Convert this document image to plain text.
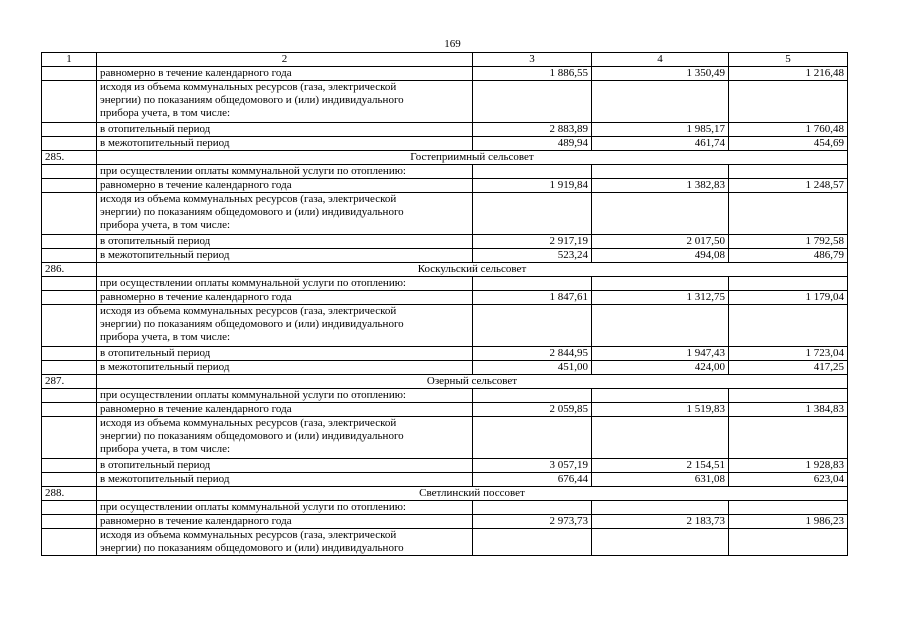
169
1	2	3	4	5
	равномерно в течение календарного года	1 886,55	1 350,49	1 216,48
	исходя из объема коммунальных ресурсов (газа, электрической
энергии) по показаниям общедомового и (или) индивидуального
прибора учета, в том числе:			
	в отопительный период	2 883,89	1 985,17	1 760,48
	в межотопительный период	489,94	461,74	454,69
285.	Гостеприимный сельсовет			
	при осуществлении оплаты коммунальной услуги по отоплению:			
	равномерно в течение календарного года	1 919,84	1 382,83	1 248,57
	исходя из объема коммунальных ресурсов (газа, электрической
энергии) по показаниям общедомового и (или) индивидуального
прибора учета, в том числе:			
	в отопительный период	2 917,19	2 017,50	1 792,58
	в межотопительный период	523,24	494,08	486,79
286.	Коскульский сельсовет			
	при осуществлении оплаты коммунальной услуги по отоплению:			
	равномерно в течение календарного года	1 847,61	1 312,75	1 179,04
	исходя из объема коммунальных ресурсов (газа, электрической
энергии) по показаниям общедомового и (или) индивидуального
прибора учета, в том числе:			
	в отопительный период	2 844,95	1 947,43	1 723,04
	в межотопительный период	451,00	424,00	417,25
287.	Озерный сельсовет			
	при осуществлении оплаты коммунальной услуги по отоплению:			
	равномерно в течение календарного года	2 059,85	1 519,83	1 384,83
	исходя из объема коммунальных ресурсов (газа, электрической
энергии) по показаниям общедомового и (или) индивидуального
прибора учета, в том числе:			
	в отопительный период	3 057,19	2 154,51	1 928,83
	в межотопительный период	676,44	631,08	623,04
288.	Светлинский поссовет			
	при осуществлении оплаты коммунальной услуги по отоплению:			
	равномерно в течение календарного года	2 973,73	2 183,73	1 986,23
	исходя из объема коммунальных ресурсов (газа, электрической
энергии) по показаниям общедомового и (или) индивидуального			
